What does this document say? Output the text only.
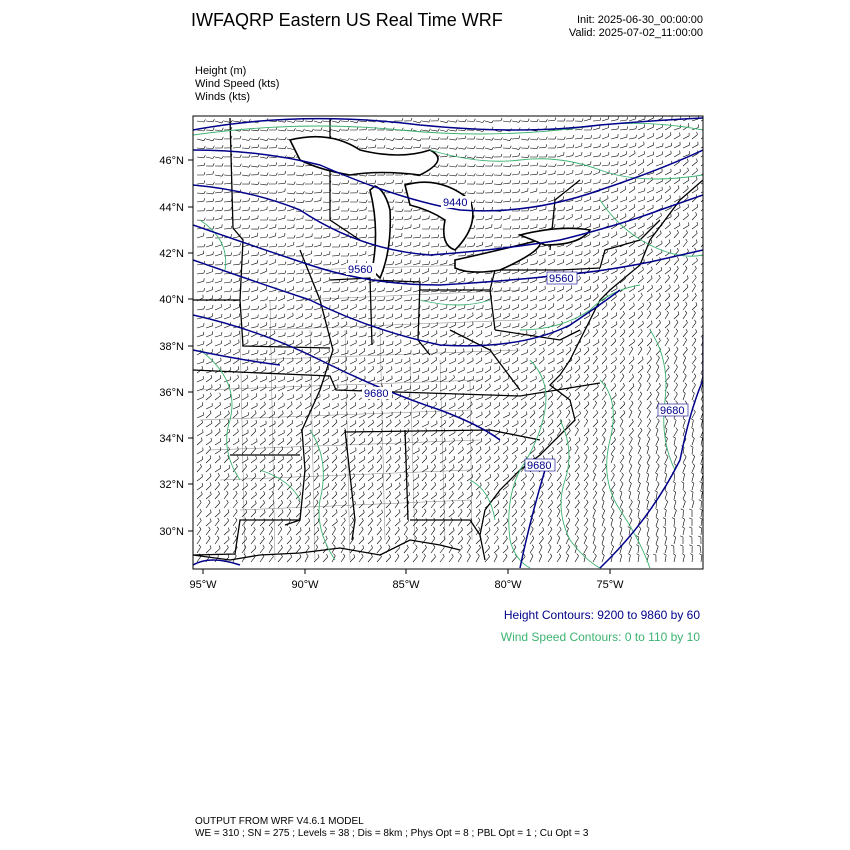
IWFAQRP Eastern US Real Time WRF	Init: 2025-06-30_00:00:00
Valid: 2025-07-02_11:00:00
Height (m)
Wind Speed (kts)
Winds (kts)
9440
9560
9560
9680
9680
9680
30°N
32°N
34°N
36°N
38°N
40°N
42°N
44°N
46°N
95°W	90°W	85°W	80°W	75°W
Height Contours: 9200 to 9860 by 60
Wind Speed Contours: 0 to 110 by 10
OUTPUT FROM WRF V4.6.1 MODEL
WE = 310 ; SN = 275 ; Levels = 38 ; Dis = 8km ; Phys Opt = 8 ; PBL Opt = 1 ; Cu Opt = 3
